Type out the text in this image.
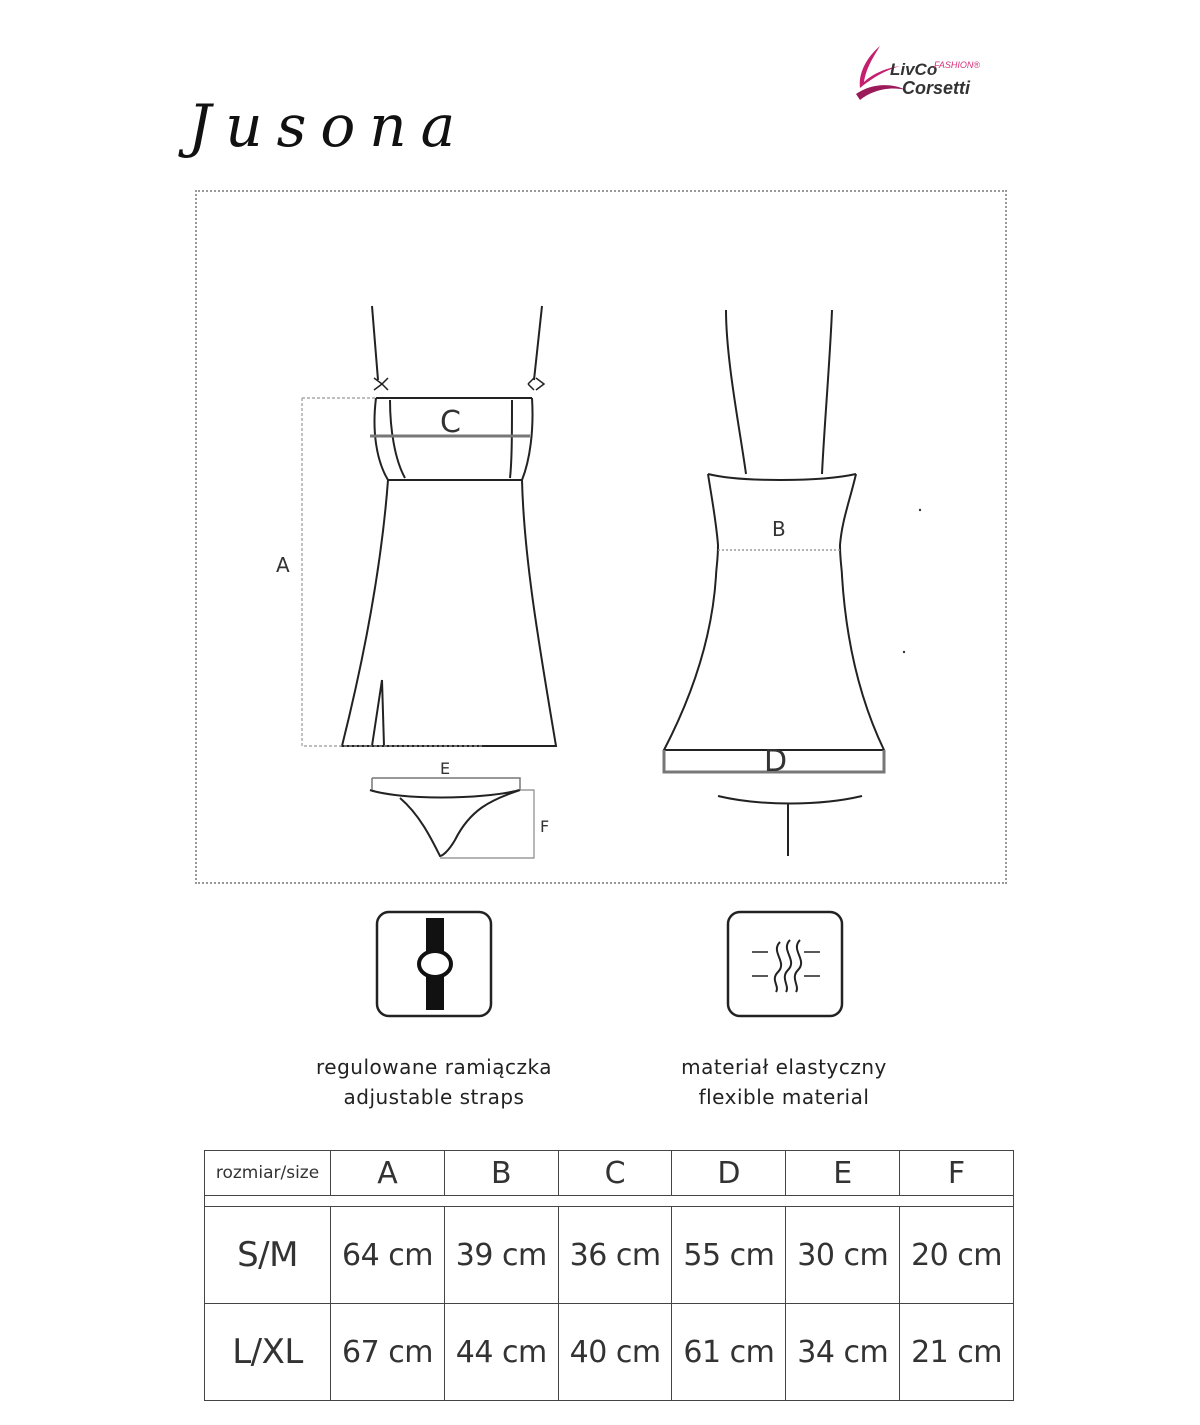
Jusona
LivCo
FASHION®
Corsetti
C
A
B
D
E
F
regulowane ramiączka
adjustable straps
materiał elastyczny
flexible material
rozmiar/size	A	B	C	D	E	F

S/M	64 cm	39 cm	36 cm	55 cm	30 cm	20 cm
L/XL	67 cm	44 cm	40 cm	61 cm	34 cm	21 cm
